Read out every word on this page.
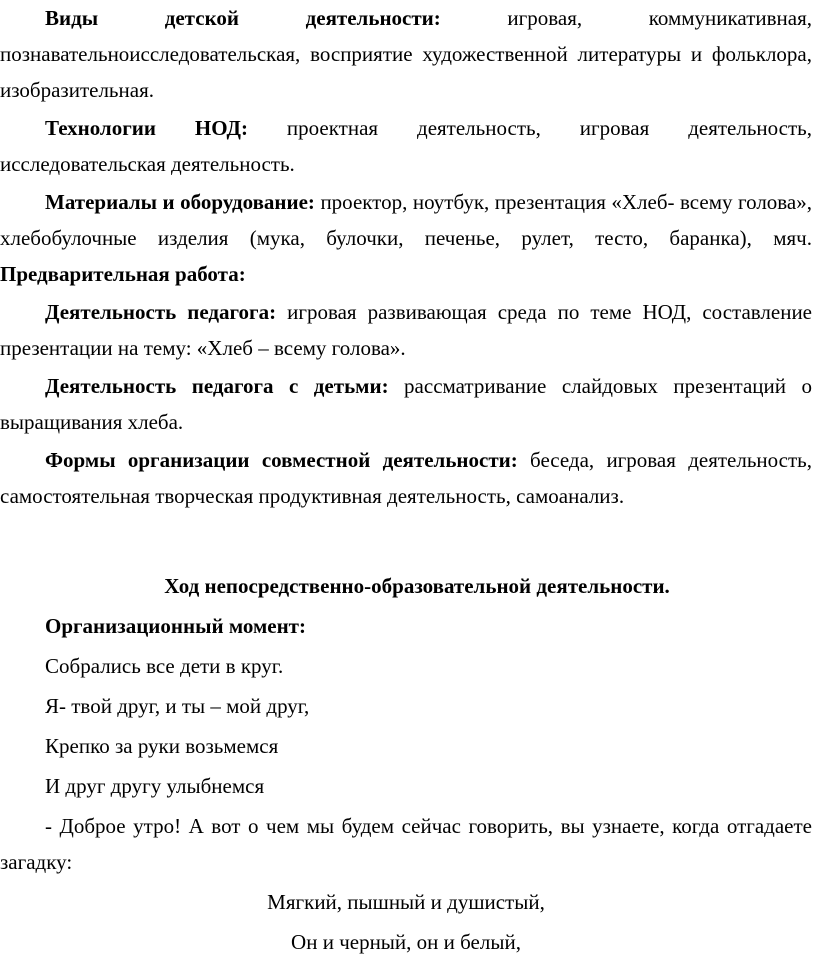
Виды детской деятельности: игровая, коммуникативная, познавательноисследовательская, восприятие художественной литературы и фольклора, изобразительная.

Технологии НОД: проектная деятельность, игровая деятельность, исследовательская деятельность.

Материалы и оборудование: проектор, ноутбук, презентация «Хлеб- всему голова», хлебобулочные изделия (мука, булочки, печенье, рулет, тесто, баранка), мяч. Предварительная работа:

Деятельность педагога: игровая развивающая среда по теме НОД, составление презентации на тему: «Хлеб – всему голова».

Деятельность педагога с детьми: рассматривание слайдовых презентаций о выращивания хлеба.

Формы организации совместной деятельности: беседа, игровая деятельность, самостоятельная творческая продуктивная деятельность, самоанализ.

Ход непосредственно-образовательной деятельности.

Организационный момент:

Собрались все дети в круг.

Я- твой друг, и ты – мой друг,

Крепко за руки возьмемся

И друг другу улыбнемся

- Доброе утро! А вот о чем мы будем сейчас говорить, вы узнаете, когда отгадаете загадку:

Мягкий, пышный и душистый,

Он и черный, он и белый,
